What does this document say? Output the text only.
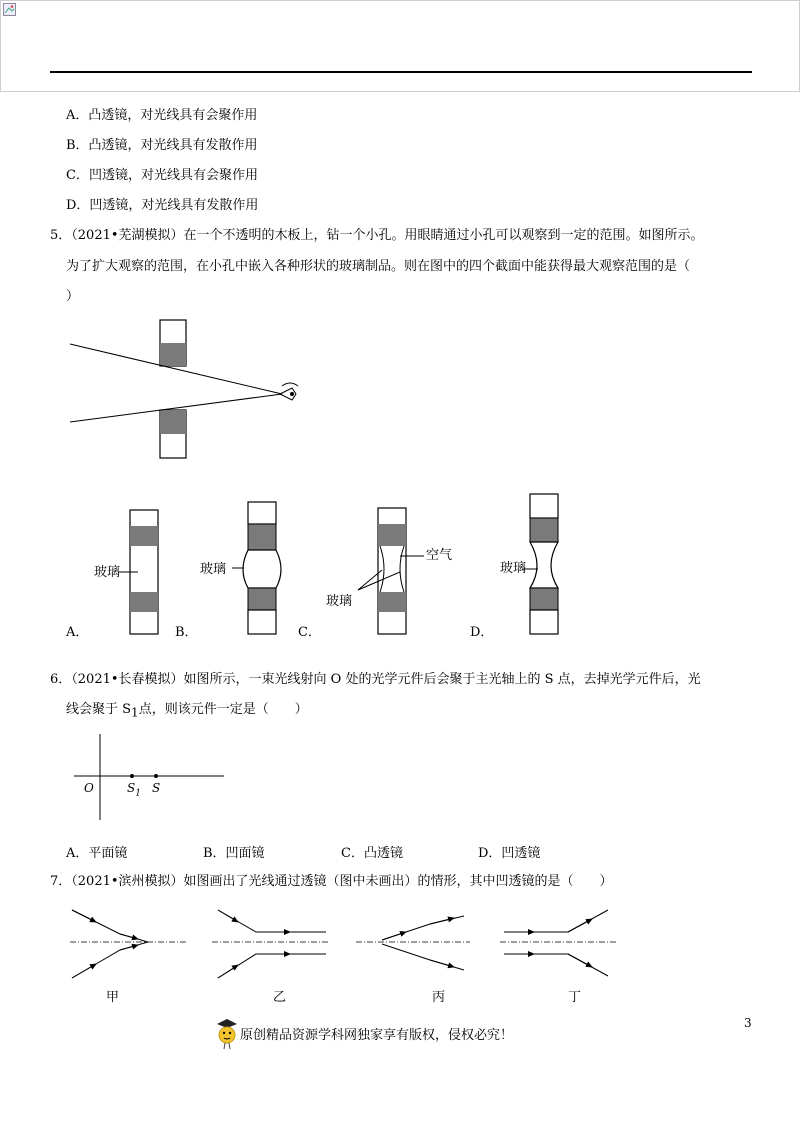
A．凸透镜，对光线具有会聚作用
B．凸透镜，对光线具有发散作用
C．凹透镜，对光线具有会聚作用
D．凹透镜，对光线具有发散作用
5．（2021•芜湖模拟）在一个不透明的木板上，钻一个小孔。用眼睛通过小孔可以观察到一定的范围。如图所示。
为了扩大观察的范围，在小孔中嵌入各种形状的玻璃制品。则在图中的四个截面中能获得最大观察范围的是（
）
玻璃
A．
玻璃
B．
空气
玻璃
C．
玻璃
D．
6．（2021•长春模拟）如图所示，一束光线射向 O 处的光学元件后会聚于主光轴上的 S 点，去掉光学元件后，光
线会聚于 $S_1$点，则该元件一定是（　　）
O	$S_1$ S
A．平面镜	B．凹面镜	C．凸透镜	D．凹透镜
7．（2021•滨州模拟）如图画出了光线通过透镜（图中未画出）的情形，其中凹透镜的是（　　）
甲	乙	丙	丁
3
原创精品资源学科网独家享有版权，侵权必究！
